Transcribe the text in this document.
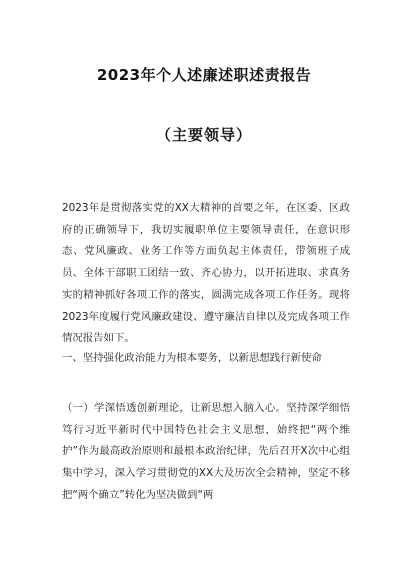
2023年个人述廉述职述责报告
（主要领导）

2023年是贯彻落实党的XX大精神的首要之年，在区委、区政府的正确领导下，我切实履职单位主要领导责任，在意识形态、党风廉政、业务工作等方面负起主体责任，带领班子成员、全体干部职工团结一致、齐心协力，以开拓进取、求真务实的精神抓好各项工作的落实，圆满完成各项工作任务。现将2023年度履行党风廉政建设、遵守廉洁自律以及完成各项工作情况报告如下。

一、坚持强化政治能力为根本要务，以新思想践行新使命

（一）学深悟透创新理论，让新思想入脑入心。坚持深学细悟笃行习近平新时代中国特色社会主义思想，始终把“两个维护”作为最高政治原则和最根本政治纪律，先后召开X次中心组集中学习，深入学习贯彻党的XX大及历次全会精神，坚定不移把“两个确立”转化为坚决做到“两
